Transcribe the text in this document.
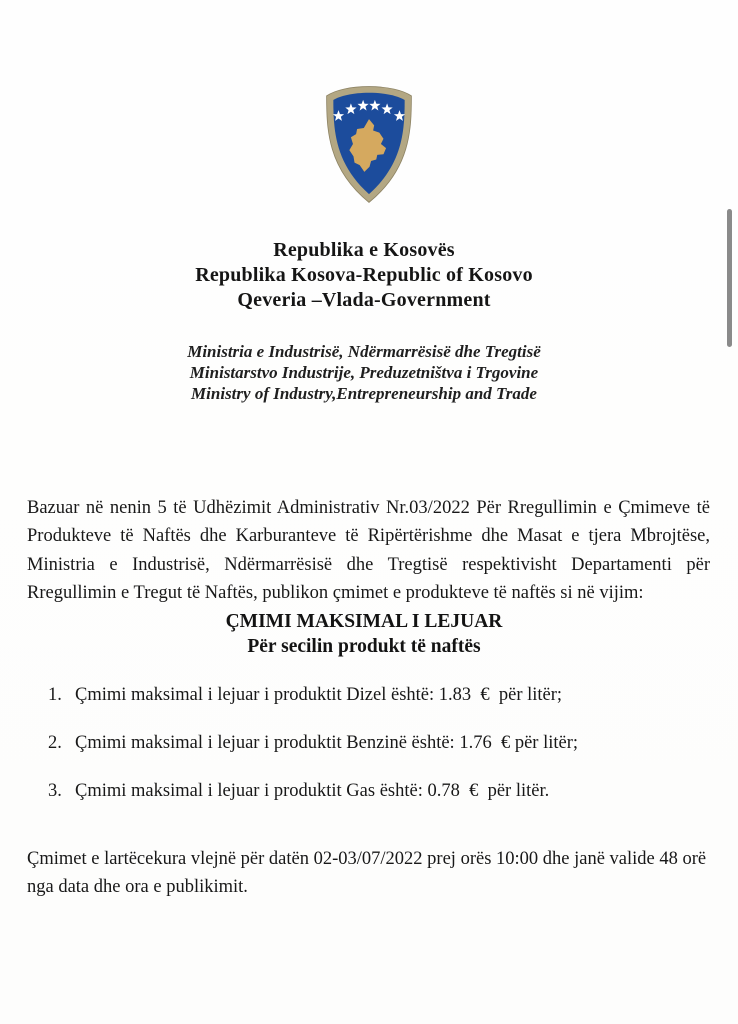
Republika e Kosovës
Republika Kosova-Republic of Kosovo
Qeveria –Vlada-Government
Ministria e Industrisë, Ndërmarrësisë dhe Tregtisë
Ministarstvo Industrije, Preduzetništva i Trgovine
Ministry of Industry,Entrepreneurship and Trade

Bazuar në nenin 5 të Udhëzimit Administrativ Nr.03/2022 Për Rregullimin e Çmimeve të Produkteve të Naftës dhe Karburanteve të Ripërtërishme dhe Masat e tjera Mbrojtëse, Ministria e Industrisë, Ndërmarrësisë dhe Tregtisë respektivisht Departamenti për Rregullimin e Tregut të Naftës, publikon çmimet e produkteve të naftës si në vijim:

ÇMIMI MAKSIMAL I LEJUAR
Për secilin produkt të naftës
1. Çmimi maksimal i lejuar i produktit Dizel është: 1.83 € për litër;
2. Çmimi maksimal i lejuar i produktit Benzinë është: 1.76 € për litër;
3. Çmimi maksimal i lejuar i produktit Gas është: 0.78 € për litër.

Çmimet e lartëcekura vlejnë për datën 02-03/07/2022 prej orës 10:00 dhe janë valide 48 orë nga data dhe ora e publikimit.
